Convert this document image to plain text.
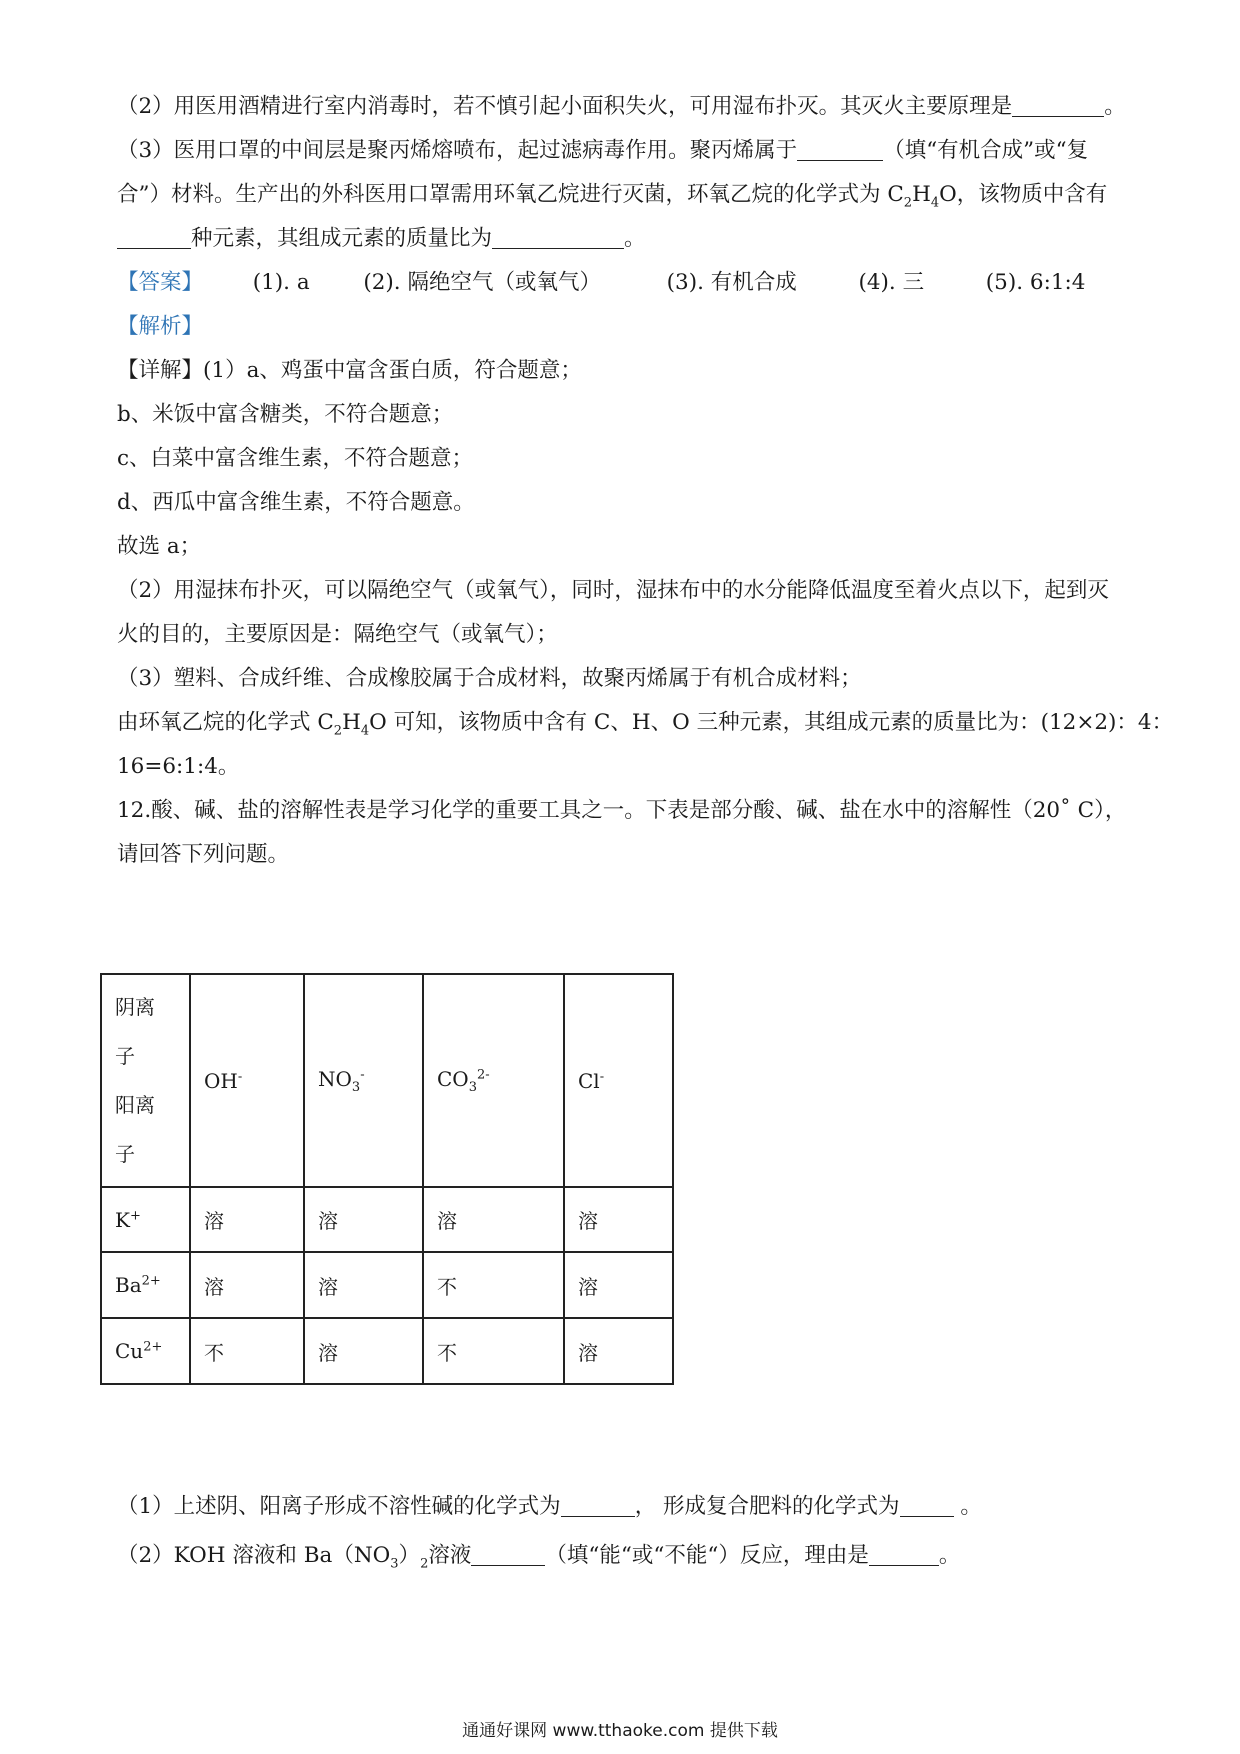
（2）用医用酒精进行室内消毒时，若不慎引起小面积失火，可用湿布扑灭。其灭火主要原理是	。
（3）医用口罩的中间层是聚丙烯熔喷布，起过滤病毒作用。聚丙烯属于	（填“有机合成”或“复
合”）材料。生产出的外科医用口罩需用环氧乙烷进行灭菌，环氧乙烷的化学式为 $C_2H_4O$，该物质中含有
种元素，其组成元素的质量比为	。
【答案】 (1). a (2). 隔绝空气（或氧气）	(3). 有机合成	(4). 三	(5). 6:1:4
【解析】
【详解】(1）a、鸡蛋中富含蛋白质，符合题意；
b、米饭中富含糖类，不符合题意；
c、白菜中富含维生素，不符合题意；
d、西瓜中富含维生素，不符合题意。
故选 a；
（2）用湿抹布扑灭，可以隔绝空气（或氧气），同时，湿抹布中的水分能降低温度至着火点以下，起到灭
火的目的，主要原因是：隔绝空气（或氧气）；
（3）塑料、合成纤维、合成橡胶属于合成材料，故聚丙烯属于有机合成材料；
由环氧乙烷的化学式 $C_2H_4O$ 可知，该物质中含有 C、H、O 三种元素，其组成元素的质量比为：(12×2)：4：
16=6:1:4。
12.酸、碱、盐的溶解性表是学习化学的重要工具之一。下表是部分酸、碱、盐在水中的溶解性（20˚ C），
请回答下列问题。
阴离
子
阳离
子	OH-	$NO_3^-$	$CO_3^{2-}$	Cl-
K+	溶	溶	溶	溶
$Ba^{2+}$	溶	溶	不	溶
$Cu^{2+}$	不	溶	不	溶
（1）上述阴、阳离子形成不溶性碱的化学式为	， 形成复合肥料的化学式为	。
（2）KOH 溶液和 $Ba(NO_3)_2$溶液	（填“能“或“不能“）反应，理由是	。
通通好课网 www.tthaoke.com 提供下载
